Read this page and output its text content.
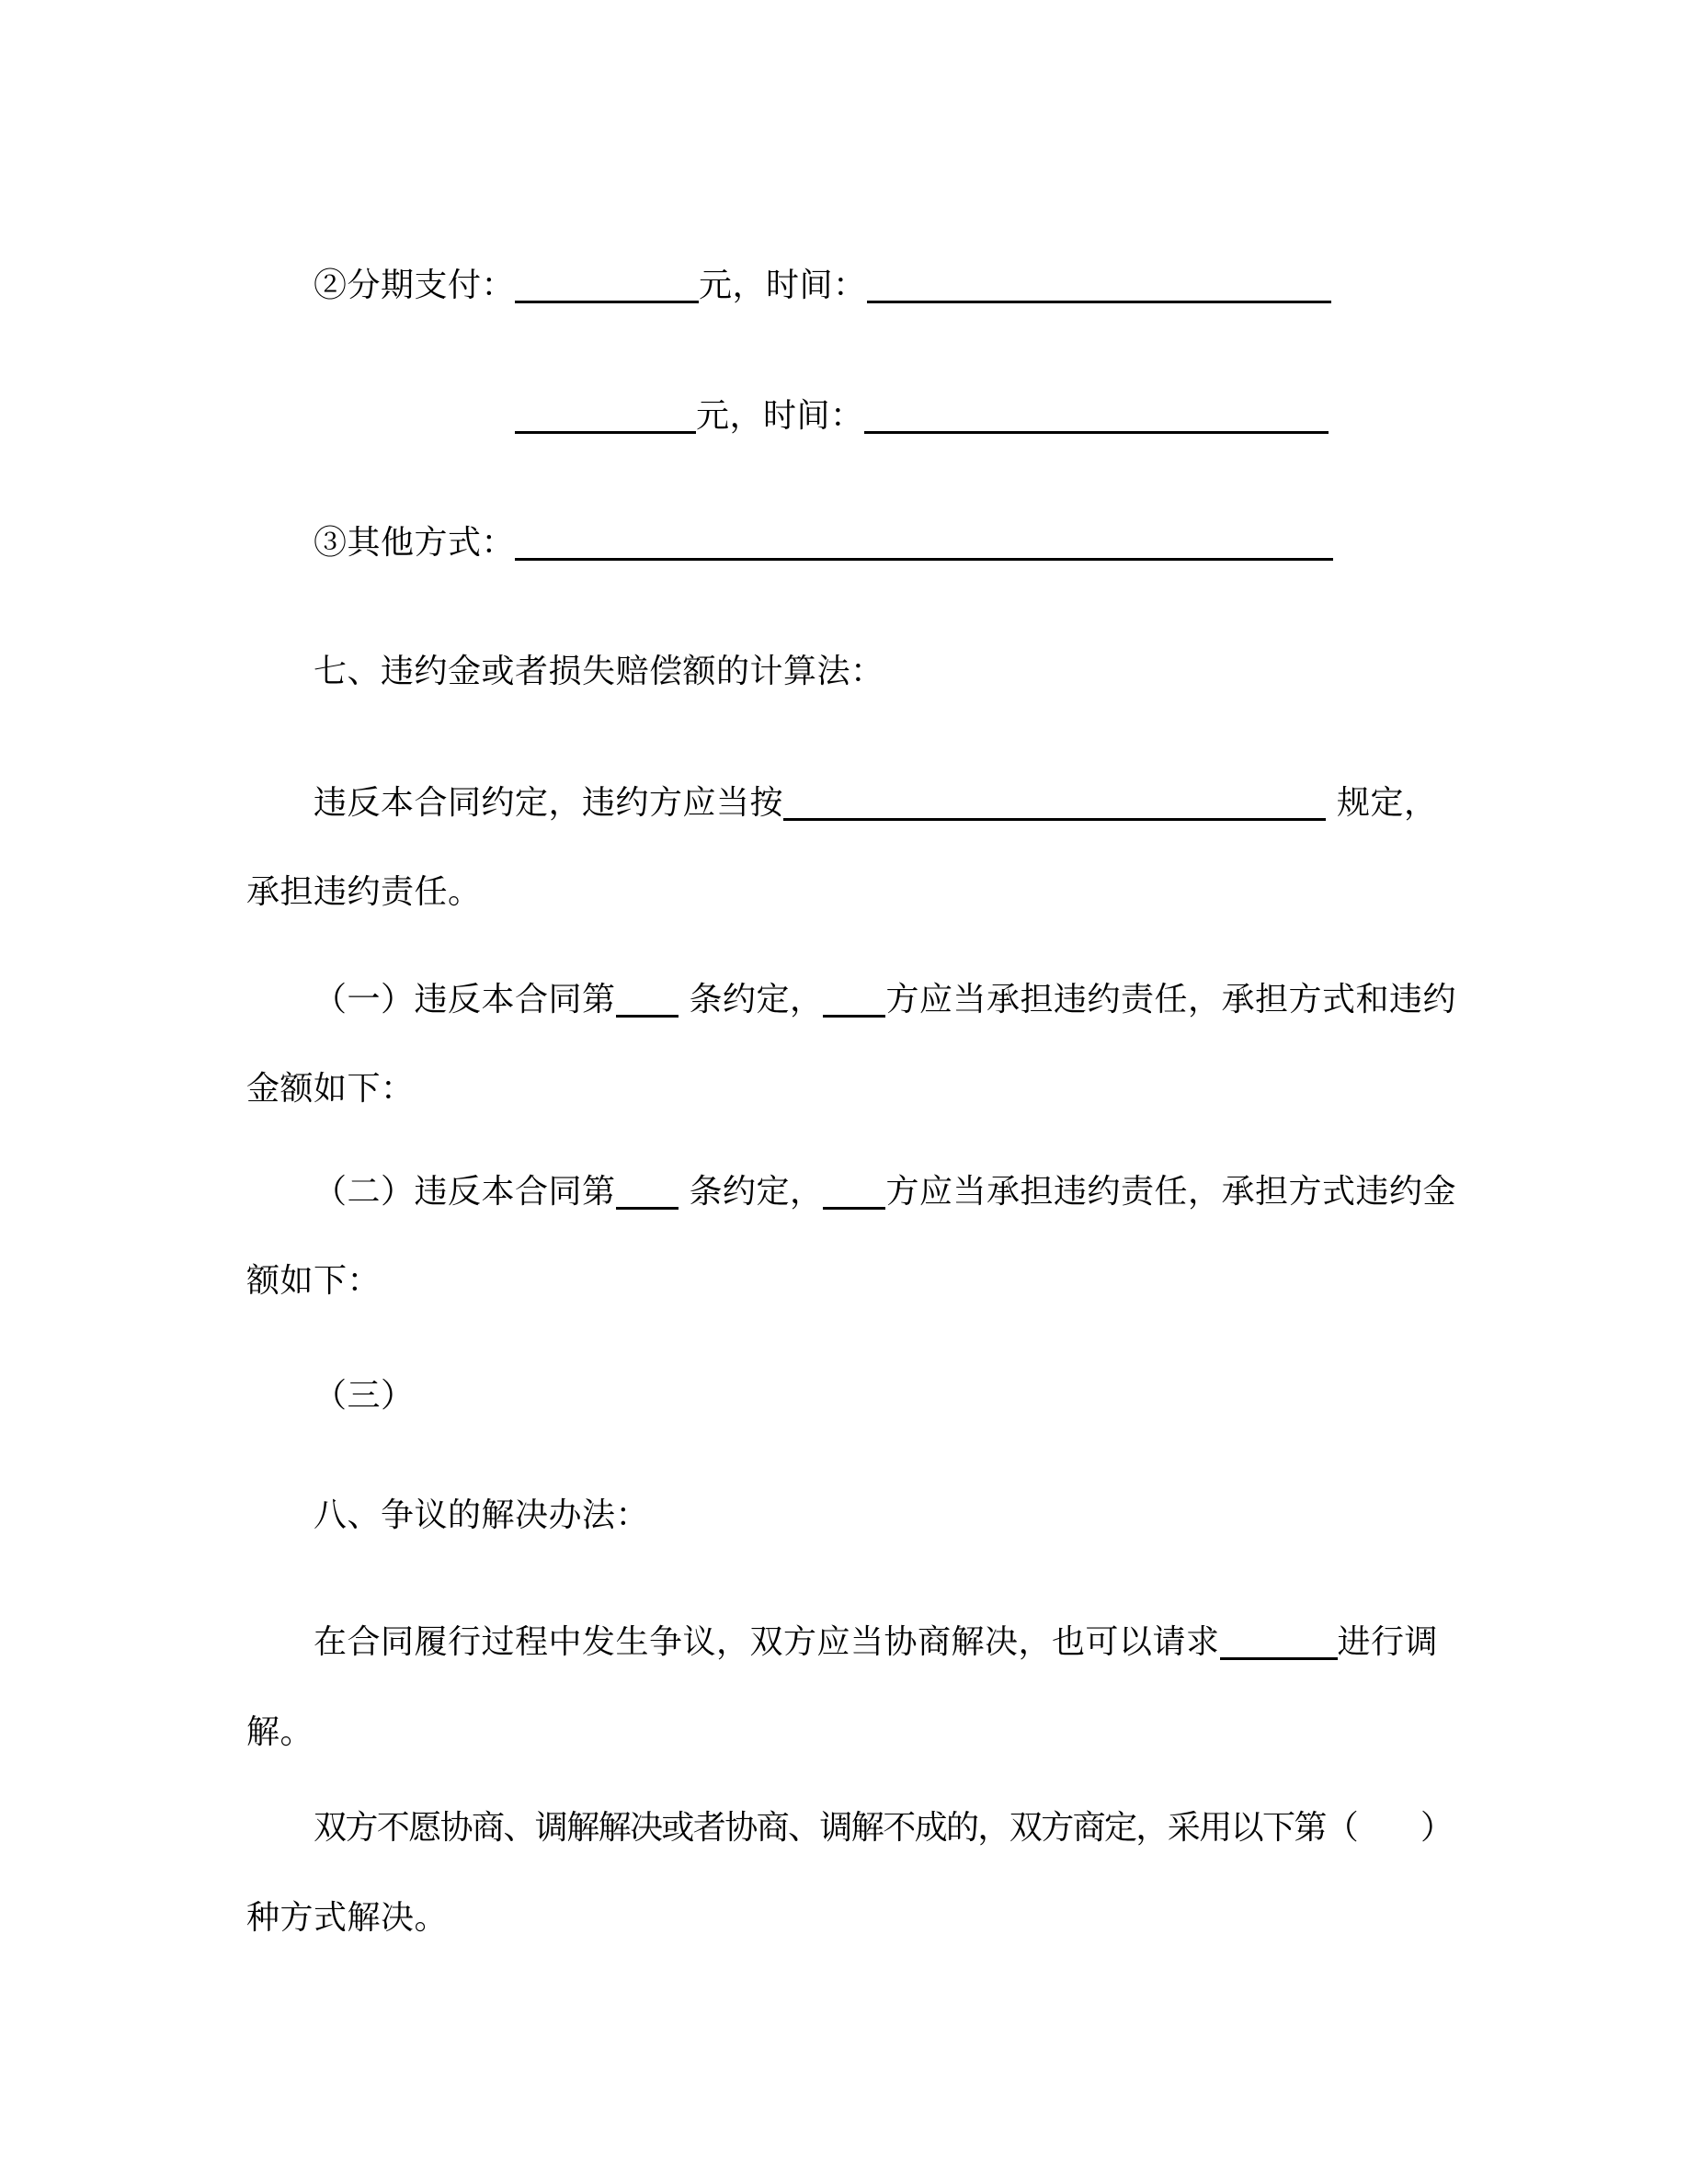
②分期支付：	元，时间：
元，时间：
③其他方式：
七、违约金或者损失赔偿额的计算法：
违反本合同约定，违约方应当按	规定，
承担违约责任。
（一）违反本合同第 条约定， 方应当承担违约责任，承担方式和违约
金额如下：
（二）违反本合同第 条约定， 方应当承担违约责任，承担方式违约金
额如下：
（三）
八、争议的解决办法：
在合同履行过程中发生争议，双方应当协商解决，也可以请求	进行调
解。
双方不愿协商、调解解决或者协商、调解不成的，双方商定，采用以下第（　　）
种方式解决。
